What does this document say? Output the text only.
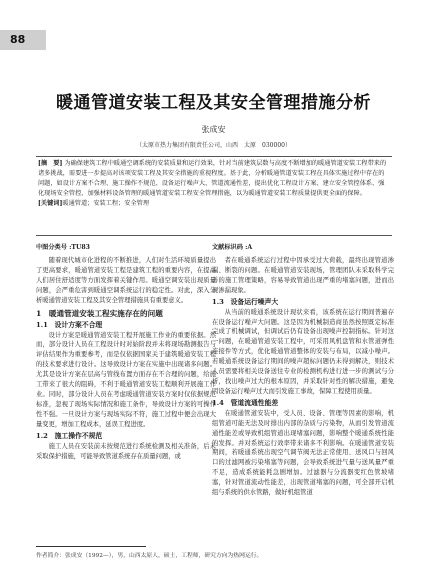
88
暖通管道安装工程及其安全管理措施分析
张成安
（太原市热力集团有限责任公司，山西　太原　030000）
[摘　要] 为确保建筑工程中暖通空调系统的安装质量和运行效果，针对当前建筑层数与高度不断增加的暖通管道安装工程带来的诸多挑战，需要进一步提高对该项安装工程及其安全措施的重视程度。基于此，分析暖通管道安装工程在具体实施过程中存在的问题，如设计方案不合理、施工操作不规范、设备运行噪声大、管道流通性差，提出优化工程设计方案、建立安全管控体系、强化现场安全管控、加强材料设备管理的暖通管道安装工程安全管理措施，以为暖通管道安装工程质量提供更全面的保障。
[关键词]暖通管道；安装工程；安全管理
中图分类号 :TU83	文献标识码 :A

随着现代城市化进程的不断推进，人们对生活环境质量提出了更高要求，暖通管道安装工程是建筑工程的重要内容，在提高人们居住舒适度等方面发挥着关键作用。暖通空调安装出现质量问题，会严重危害到暖通空调系统运行的稳定性。对此，深入分析暖通管道安装工程及其安全管理措施具有重要意义。

1　暖通管道安装工程实施存在的问题
1.1　设计方案不合理

设计方案是暖通管道安装工程开展施工作业的重要依据。然而，部分设计人员在工程设计时对始阶段并未将现场勘测报告与评估结果作为重要参考，而是仅依据国家关于建筑暖通安装工程的技术要求进行设计。这导致设计方案在实施中出现诸多问题。尤其是设计方案在层高与管线布置方面存在不合理的问题，给施工带来了很大的阻碍，不利于暖通管道安装工程顺利开展施工作业。同时，部分设计人员在考虑暖通管道安装方案时仅依据规范标准，忽视了现场实际情况和施工条件，导致设计方案的可操作性不强。一旦设计方案与现场实际不符，施工过程中便会出现大量变更，增加工程成本，延误工程进度。

1.2　施工操作不规范

施工人员在安装前未按规范进行系统检测及相关准备，后未采取保护措施，可能导致管道系统存在质量问题，或

者在暖通系统运行过程中因承受过大荷载，最终出现管道渗漏、断裂的问题。在暖通管道安装现场，管理团队未采取科学完善的施工管理策略，容易导致管道出现严重的堵塞问题，进而出现渗漏现象。

1.3　设备运行噪声大

从当前的暖通系统设计现状来看，该系统在运行期间普遍存在设备运行噪声大问题。这是因为机械制造商虽然按照既定标准完成了机械调试，但调试后仍有设备出现噪声控制指标。针对这一问题，在暖通管道安装工程中，可采用风机盘管和水管道弹性连接件等方式，优化暖通管道整体的安装与布局，以减小噪声。若暖通系统设备运行期间的噪声超标问题仍未得到解决，则技术人员需要将相关设备送往专业的检测机构进行进一步的测试与分析，找出噪声过大的根本原因，并采取针对性的解决措施，避免因设备运行噪声过大而引发施工事故，保障工程使用质量。

1.4　管道流通性能差

在暖通管道安装中，受人员、设备、管理等因素的影响，机组管道可能无法及时排出内部的杂质与污染物，从而引发管道流通性能差或导致机组管道出现堵塞问题，影响整个暖通系统性能的发挥。并对系统运行效率带来诸多不利影响。在暖通管道安装期间，若暖通系统出现空气调节阀无法正常使用、送风口与回风口的过滤网被污染堵塞等问题，会导致系统进气量与送风量严重不足，造成系统能耗急剧增加。过滤器与分流器变红色管坡堵塞，针对管道流动性能差，出现管道堵塞的问题，可全部开启机组与系统的供水管路，做好机组管道

作者简介：张成安（1992—），男，山西太原人，硕士，工程师，研究方向为热网运行。
